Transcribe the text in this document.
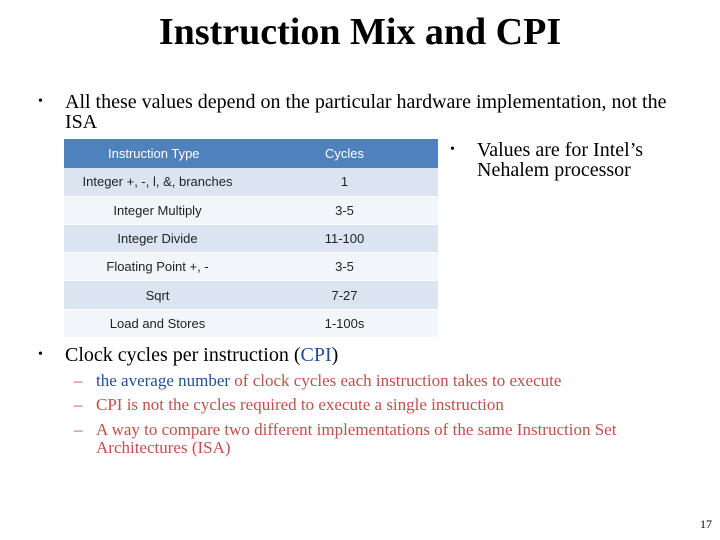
Instruction Mix and CPI
• All these values depend on the particular hardware implementation, not the ISA
Instruction Type	Cycles
Integer +, -, l, &, branches	1
Integer Multiply	3-5
Integer Divide	11-100
Floating Point +, -	3-5
Sqrt	7-27
Load and Stores	1-100s
• Values are for Intel’s Nehalem processor
• Clock cycles per instruction (CPI)
– the average number of clock cycles each instruction takes to execute
– CPI is not the cycles required to execute a single instruction
– A way to compare two different implementations of the same Instruction Set Architectures (ISA)
17
